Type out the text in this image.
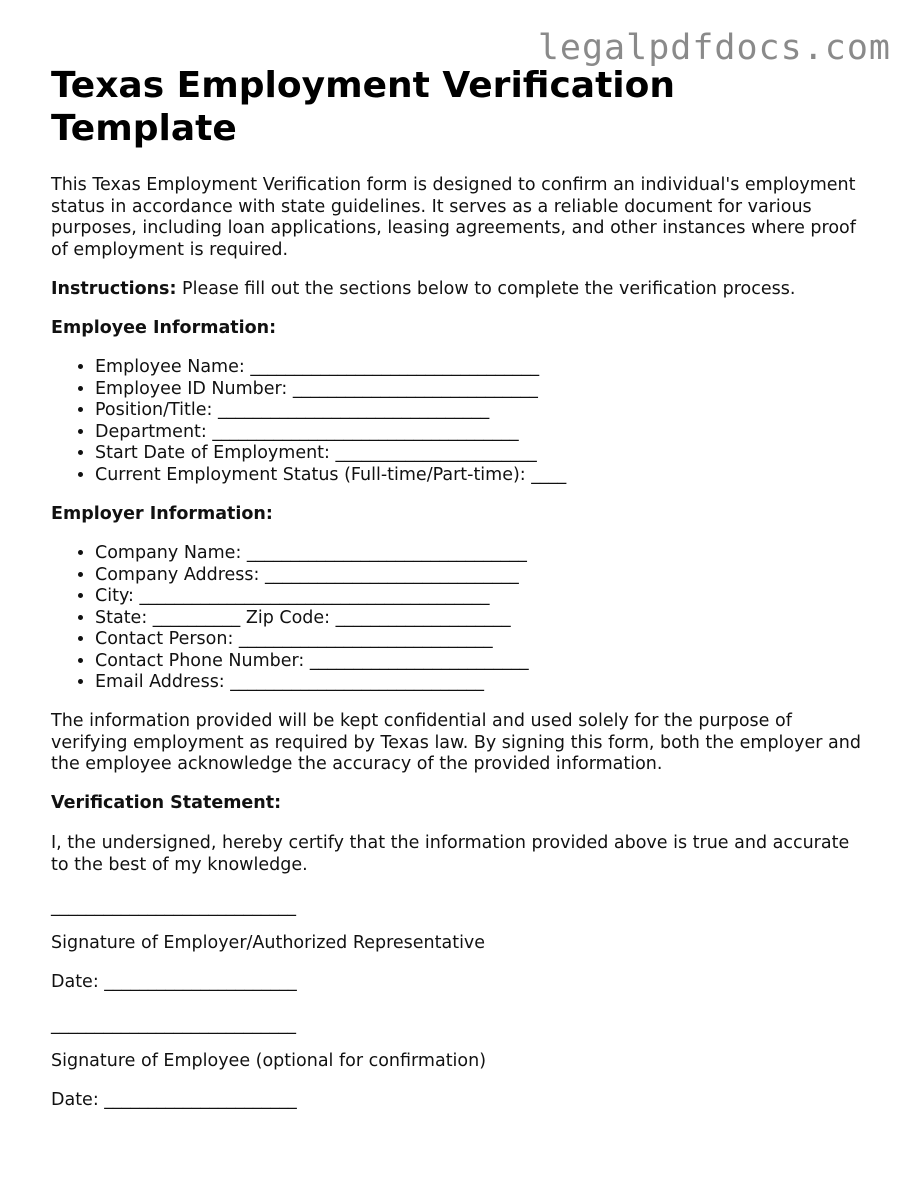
legalpdfdocs.com
Texas Employment Verification Template

This Texas Employment Verification form is designed to confirm an individual's employment status in accordance with state guidelines. It serves as a reliable document for various purposes, including loan applications, leasing agreements, and other instances where proof of employment is required.

Instructions: Please fill out the sections below to complete the verification process.

Employee Information:

• Employee Name: _________________________________
• Employee ID Number: ____________________________
• Position/Title: _______________________________
• Department: ___________________________________
• Start Date of Employment: _______________________
• Current Employment Status (Full-time/Part-time): ____

Employer Information:

• Company Name: ________________________________
• Company Address: _____________________________
• City: ________________________________________
• State: __________ Zip Code: ____________________
• Contact Person: _____________________________
• Contact Phone Number: _________________________
• Email Address: _____________________________

The information provided will be kept confidential and used solely for the purpose of verifying employment as required by Texas law. By signing this form, both the employer and the employee acknowledge the accuracy of the provided information.

Verification Statement:

I, the undersigned, hereby certify that the information provided above is true and accurate to the best of my knowledge.

____________________________

Signature of Employer/Authorized Representative

Date: ______________________

____________________________

Signature of Employee (optional for confirmation)

Date: ______________________
